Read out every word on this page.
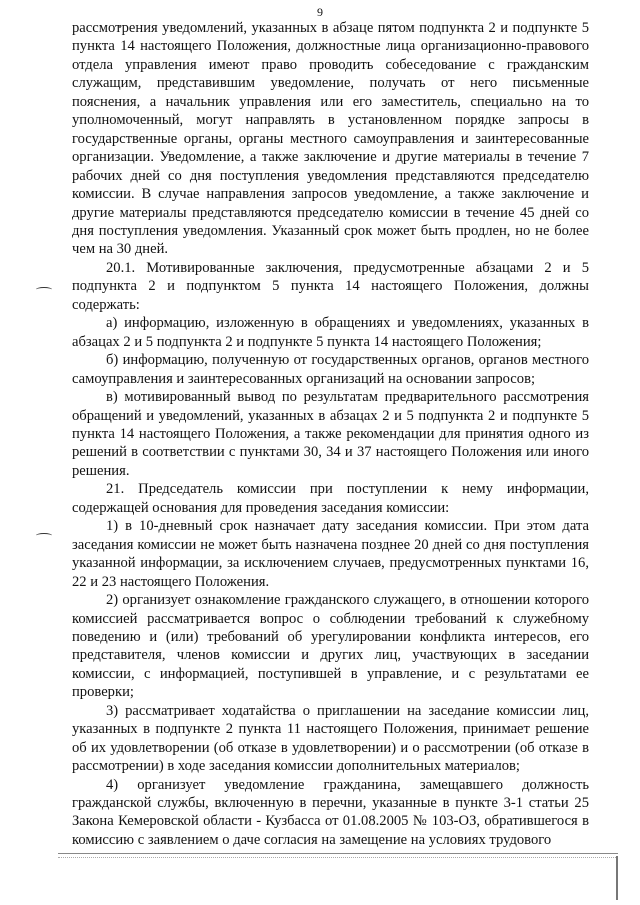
9

рассмотрения уведомлений, указанных в абзаце пятом подпункта 2 и подпункте 5 пункта 14 настоящего Положения, должностные лица организационно-правового отдела управления имеют право проводить собеседование с гражданским служащим, представившим уведомление, получать от него письменные пояснения, а начальник управления или его заместитель, специально на то уполномоченный, могут направлять в установленном порядке запросы в государственные органы, органы местного самоуправления и заинтересованные организации. Уведомление, а также заключение и другие материалы в течение 7 рабочих дней со дня поступления уведомления представляются председателю комиссии. В случае направления запросов уведомление, а также заключение и другие материалы представляются председателю комиссии в течение 45 дней со дня поступления уведомления. Указанный срок может быть продлен, но не более чем на 30 дней.

20.1. Мотивированные заключения, предусмотренные абзацами 2 и 5 подпункта 2 и подпунктом 5 пункта 14 настоящего Положения, должны содержать:

а) информацию, изложенную в обращениях и уведомлениях, указанных в абзацах 2 и 5 подпункта 2 и подпункте 5 пункта 14 настоящего Положения;

б) информацию, полученную от государственных органов, органов местного самоуправления и заинтересованных организаций на основании запросов;

в) мотивированный вывод по результатам предварительного рассмотрения обращений и уведомлений, указанных в абзацах 2 и 5 подпункта 2 и подпункте 5 пункта 14 настоящего Положения, а также рекомендации для принятия одного из решений в соответствии с пунктами 30, 34 и 37 настоящего Положения или иного решения.

21. Председатель комиссии при поступлении к нему информации, содержащей основания для проведения заседания комиссии:

1) в 10-дневный срок назначает дату заседания комиссии. При этом дата заседания комиссии не может быть назначена позднее 20 дней со дня поступления указанной информации, за исключением случаев, предусмотренных пунктами 16, 22 и 23 настоящего Положения.

2) организует ознакомление гражданского служащего, в отношении которого комиссией рассматривается вопрос о соблюдении требований к служебному поведению и (или) требований об урегулировании конфликта интересов, его представителя, членов комиссии и других лиц, участвующих в заседании комиссии, с информацией, поступившей в управление, и с результатами ее проверки;

3) рассматривает ходатайства о приглашении на заседание комиссии лиц, указанных в подпункте 2 пункта 11 настоящего Положения, принимает решение об их удовлетворении (об отказе в удовлетворении) и о рассмотрении (об отказе в рассмотрении) в ходе заседания комиссии дополнительных материалов;

4) организует уведомление гражданина, замещавшего должность гражданской службы, включенную в перечни, указанные в пункте 3-1 статьи 25 Закона Кемеровской области - Кузбасса от 01.08.2005 № 103-ОЗ, обратившегося в комиссию с заявлением о даче согласия на замещение на условиях трудового
